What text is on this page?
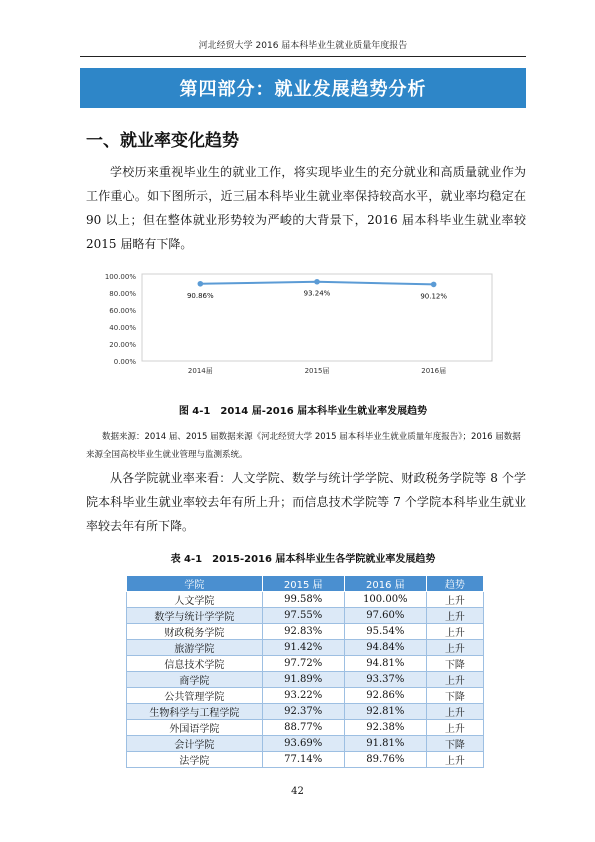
河北经贸大学 2016 届本科毕业生就业质量年度报告
第四部分：就业发展趋势分析
一、就业率变化趋势
学校历来重视毕业生的就业工作，将实现毕业生的充分就业和高质量就业作为工作重心。如下图所示，近三届本科毕业生就业率保持较高水平，就业率均稳定在 90 以上；但在整体就业形势较为严峻的大背景下，2016 届本科毕业生就业率较 2015 届略有下降。
0.00%
20.00%
40.00%
60.00%
80.00%
100.00%
2014届	2015届	2016届
90.86%	93.24%	90.12%
图 4-1　2014 届-2016 届本科毕业生就业率发展趋势
数据来源：2014 届、2015 届数据来源《河北经贸大学 2015 届本科毕业生就业质量年度报告》；2016 届数据来源全国高校毕业生就业管理与监测系统。
从各学院就业率来看：人文学院、数学与统计学学院、财政税务学院等 8 个学院本科毕业生就业率较去年有所上升；而信息技术学院等 7 个学院本科毕业生就业率较去年有所下降。
表 4-1　2015-2016 届本科毕业生各学院就业率发展趋势
学院	2015 届	2016 届	趋势
人文学院	99.58%	100.00%	上升
数学与统计学学院	97.55%	97.60%	上升
财政税务学院	92.83%	95.54%	上升
旅游学院	91.42%	94.84%	上升
信息技术学院	97.72%	94.81%	下降
商学院	91.89%	93.37%	上升
公共管理学院	93.22%	92.86%	下降
生物科学与工程学院	92.37%	92.81%	上升
外国语学院	88.77%	92.38%	上升
会计学院	93.69%	91.81%	下降
法学院	77.14%	89.76%	上升
42
